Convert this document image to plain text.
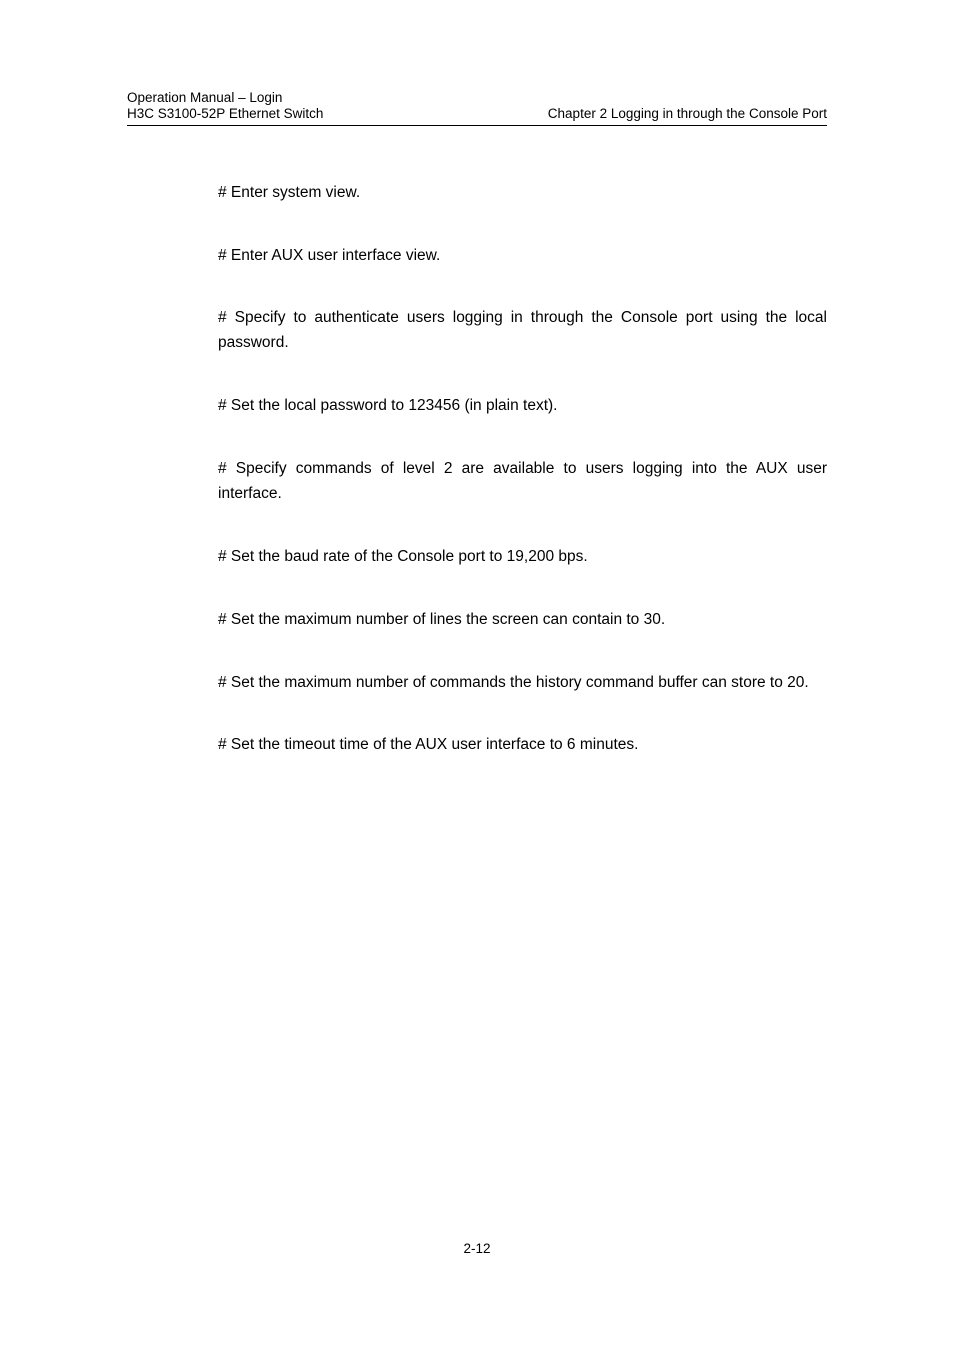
Operation Manual – Login
H3C S3100-52P Ethernet Switch	Chapter 2 Logging in through the Console Port

# Enter system view.

# Enter AUX user interface view.

# Specify to authenticate users logging in through the Console port using the local password.

# Set the local password to 123456 (in plain text).

# Specify commands of level 2 are available to users logging into the AUX user interface.

# Set the baud rate of the Console port to 19,200 bps.

# Set the maximum number of lines the screen can contain to 30.

# Set the maximum number of commands the history command buffer can store to 20.

# Set the timeout time of the AUX user interface to 6 minutes.

2-12
